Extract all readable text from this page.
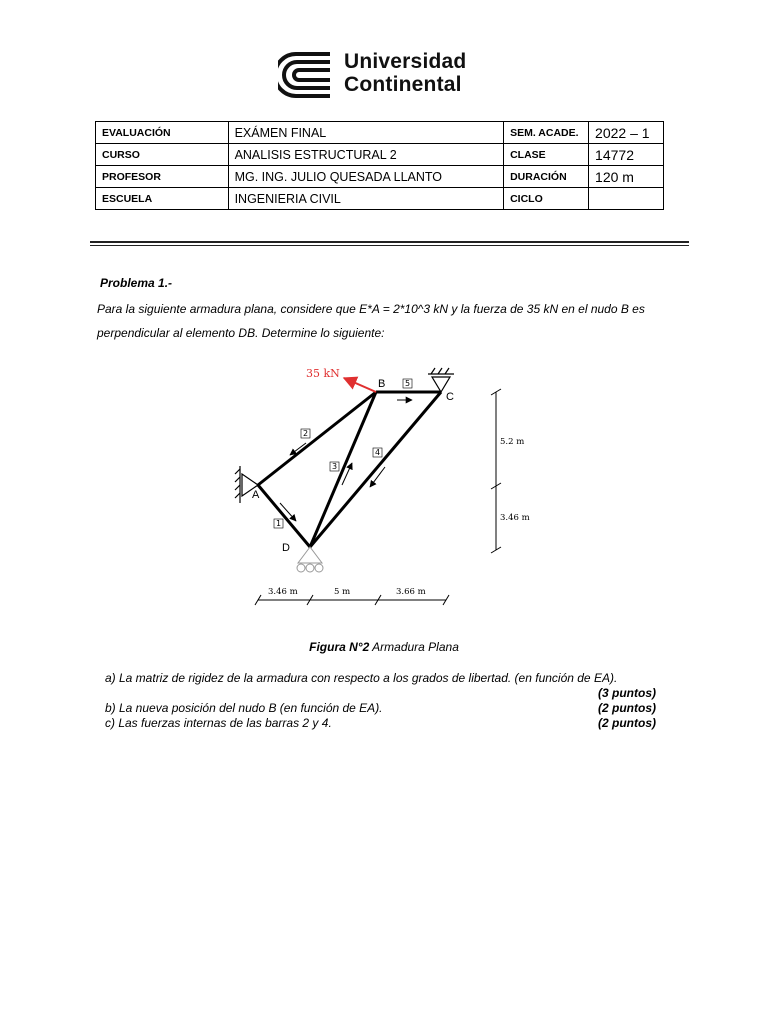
Universidad
Continental
EVALUACIÓN	EXÁMEN FINAL	SEM. ACADE.	2022 – 1
CURSO	ANALISIS ESTRUCTURAL 2	CLASE	14772
PROFESOR	MG. ING. JULIO QUESADA LLANTO	DURACIÓN	120 m
ESCUELA	INGENIERIA CIVIL	CICLO	
Problema 1.-
Para la siguiente armadura plana, considere que E*A = 2*10^3 kN y la fuerza de 35 kN en el nudo B es
perpendicular al elemento DB. Determine lo siguiente:
A
B
C
D
35 kN
1
2
3
4
5
5.2 m
3.46 m
3.46 m	5 m	3.66 m
Figura N°2 Armadura Plana
a) La matriz de rigidez de la armadura con respecto a los grados de libertad. (en función de EA).
(3 puntos)
b) La nueva posición del nudo B (en función de EA).	(2 puntos)
c) Las fuerzas internas de las barras 2 y 4.	(2 puntos)
